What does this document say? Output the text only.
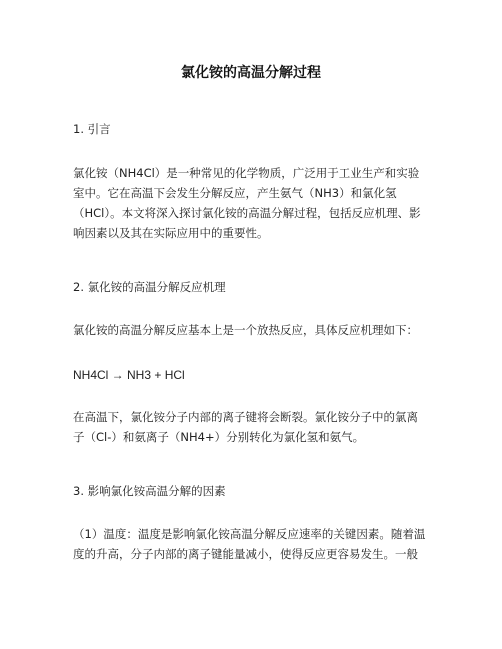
氯化铵的高温分解过程
1. 引言
氯化铵（NH4Cl）是一种常见的化学物质，广泛用于工业生产和实验
室中。它在高温下会发生分解反应，产生氨气（NH3）和氯化氢
（HCl）。本文将深入探讨氯化铵的高温分解过程，包括反应机理、影
响因素以及其在实际应用中的重要性。
2. 氯化铵的高温分解反应机理
氯化铵的高温分解反应基本上是一个放热反应，具体反应机理如下：
NH4Cl → NH3 + HCl
在高温下，氯化铵分子内部的离子键将会断裂。氯化铵分子中的氯离
子（Cl-）和氨离子（NH4+）分别转化为氯化氢和氨气。
3. 影响氯化铵高温分解的因素
（1）温度：温度是影响氯化铵高温分解反应速率的关键因素。随着温
度的升高，分子内部的离子键能量减小，使得反应更容易发生。一般
